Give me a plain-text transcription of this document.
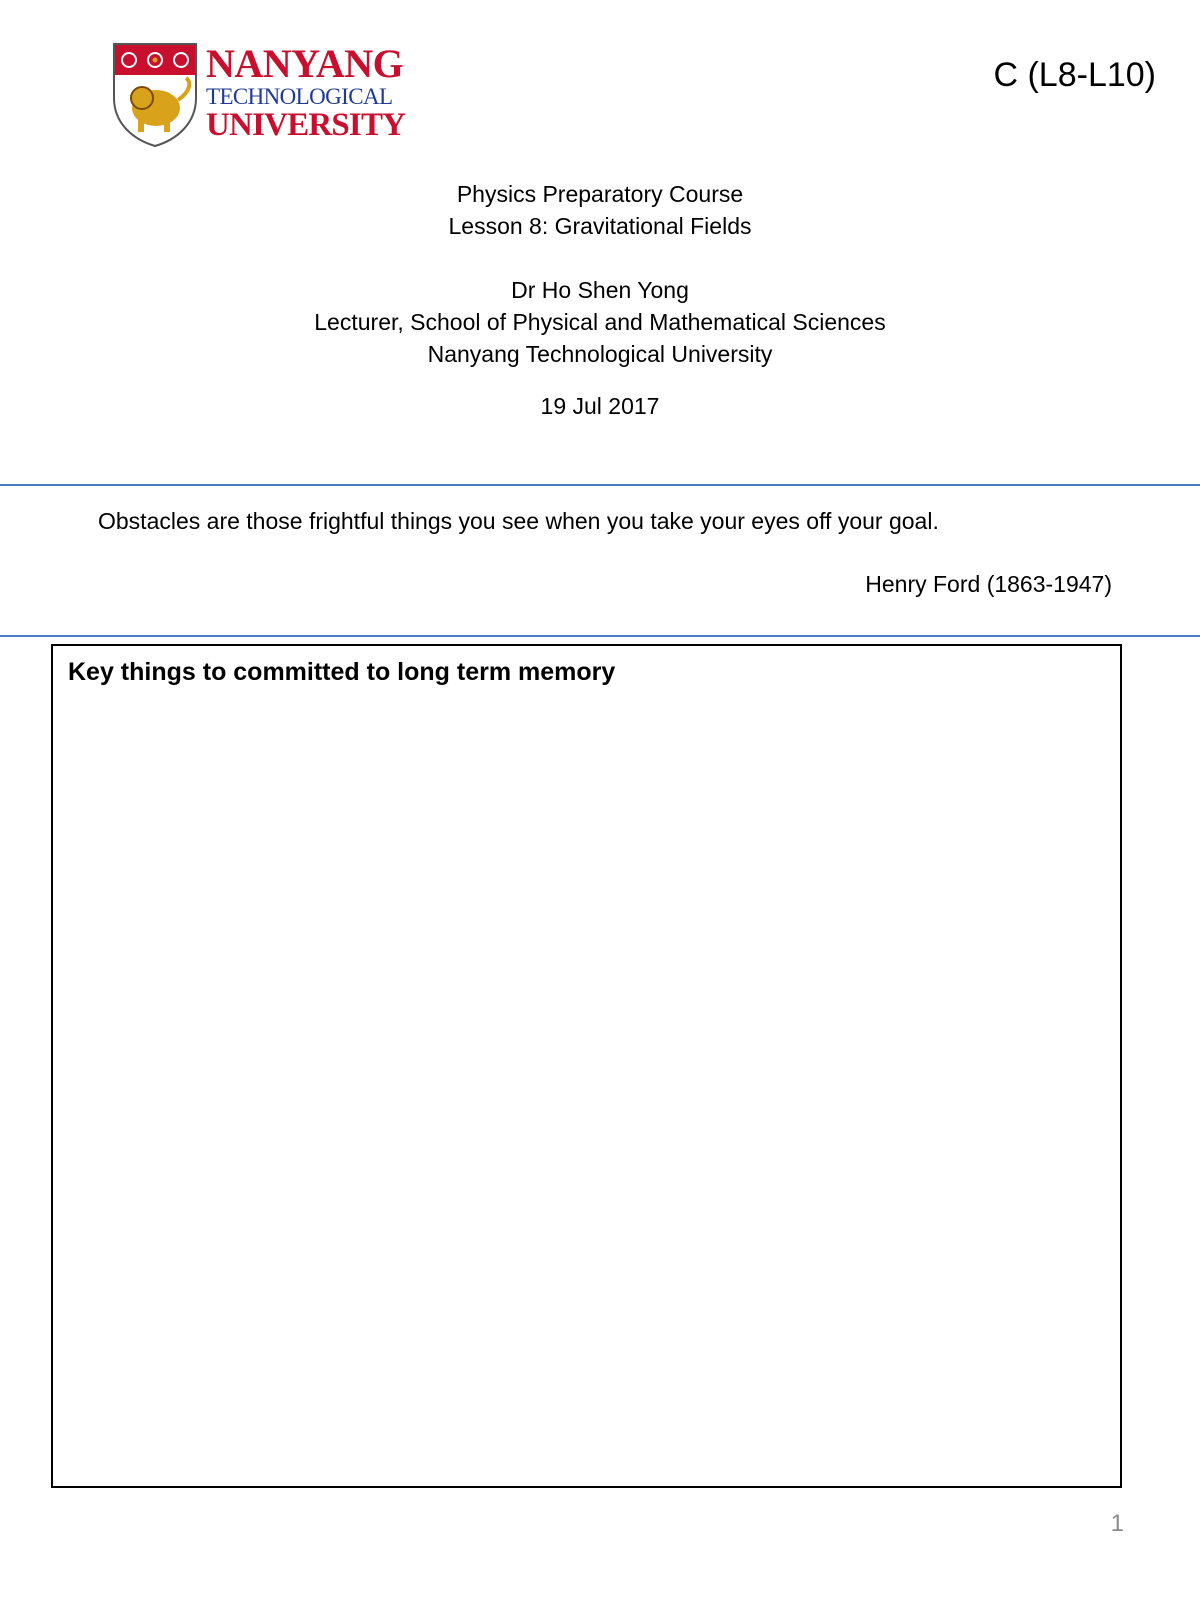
NANYANG
TECHNOLOGICAL
UNIVERSITY
C (L8-L10)
Physics Preparatory Course
Lesson 8: Gravitational Fields
Dr Ho Shen Yong
Lecturer, School of Physical and Mathematical Sciences
Nanyang Technological University
19 Jul 2017
Obstacles are those frightful things you see when you take your eyes off your goal.
Henry Ford (1863-1947)
Key things to committed to long term memory
1
